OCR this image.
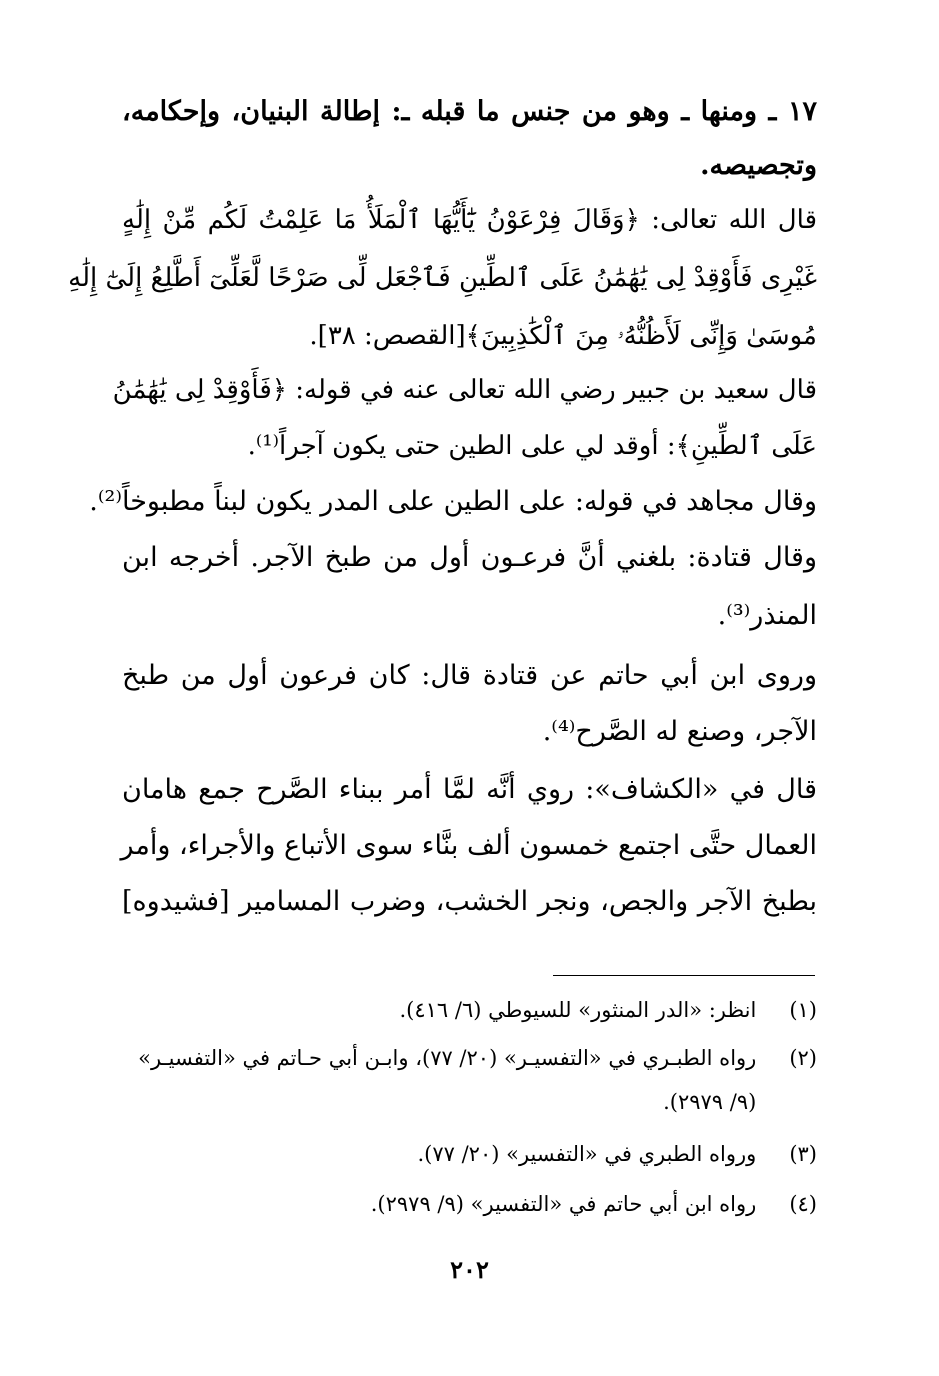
١٧ ـ ومنها ـ وهو من جنس ما قبله ـ: إطالة البنيان، وإحكامه،

وتجصيصه.

قال الله تعالى: ﴿وَقَالَ فِرْعَوْنُ يَٰٓأَيُّهَا ٱلْمَلَأُ مَا عَلِمْتُ لَكُم مِّنْ إِلَٰهٍ

غَيْرِى فَأَوْقِدْ لِى يَٰهَٰمَٰنُ عَلَى ٱلطِّينِ فَٱجْعَل لِّى صَرْحًا لَّعَلِّىٓ أَطَّلِعُ إِلَىٰٓ إِلَٰهِ

مُوسَىٰ وَإِنِّى لَأَظُنُّهُۥ مِنَ ٱلْكَٰذِبِينَ﴾[القصص: ٣٨].

قال سعيد بن جبير رضي الله تعالى عنه في قوله: ﴿فَأَوْقِدْ لِى يَٰهَٰمَٰنُ

عَلَى ٱلطِّينِ﴾: أوقد لي على الطين حتى يكون آجراً⁽¹⁾.

وقال مجاهد في قوله: على الطين على المدر يكون لبناً مطبوخاً⁽²⁾.

وقال قتادة: بلغني أنَّ فرعـون أول من طبخ الآجر. أخرجه ابن

المنذر⁽³⁾.

وروى ابن أبي حاتم عن قتادة قال: كان فرعون أول من طبخ

الآجر، وصنع له الصَّرح⁽⁴⁾.

قال في «الكشاف»: روي أنَّه لمَّا أمر ببناء الصَّرح جمع هامان

العمال حتَّى اجتمع خمسون ألف بنَّاء سوى الأتباع والأجراء، وأمر

بطبخ الآجر والجص، ونجر الخشب، وضرب المسامير [فشيدوه]

(١) انظر: «الدر المنثور» للسيوطي (٦/ ٤١٦).

(٢) رواه الطبـري في «التفسيـر» (٢٠/ ٧٧)، وابـن أبي حـاتم في «التفسيـر»

(٩/ ٢٩٧٩).

(٣) ورواه الطبري في «التفسير» (٢٠/ ٧٧).

(٤) رواه ابن أبي حاتم في «التفسير» (٩/ ٢٩٧٩).

٢٠٢
